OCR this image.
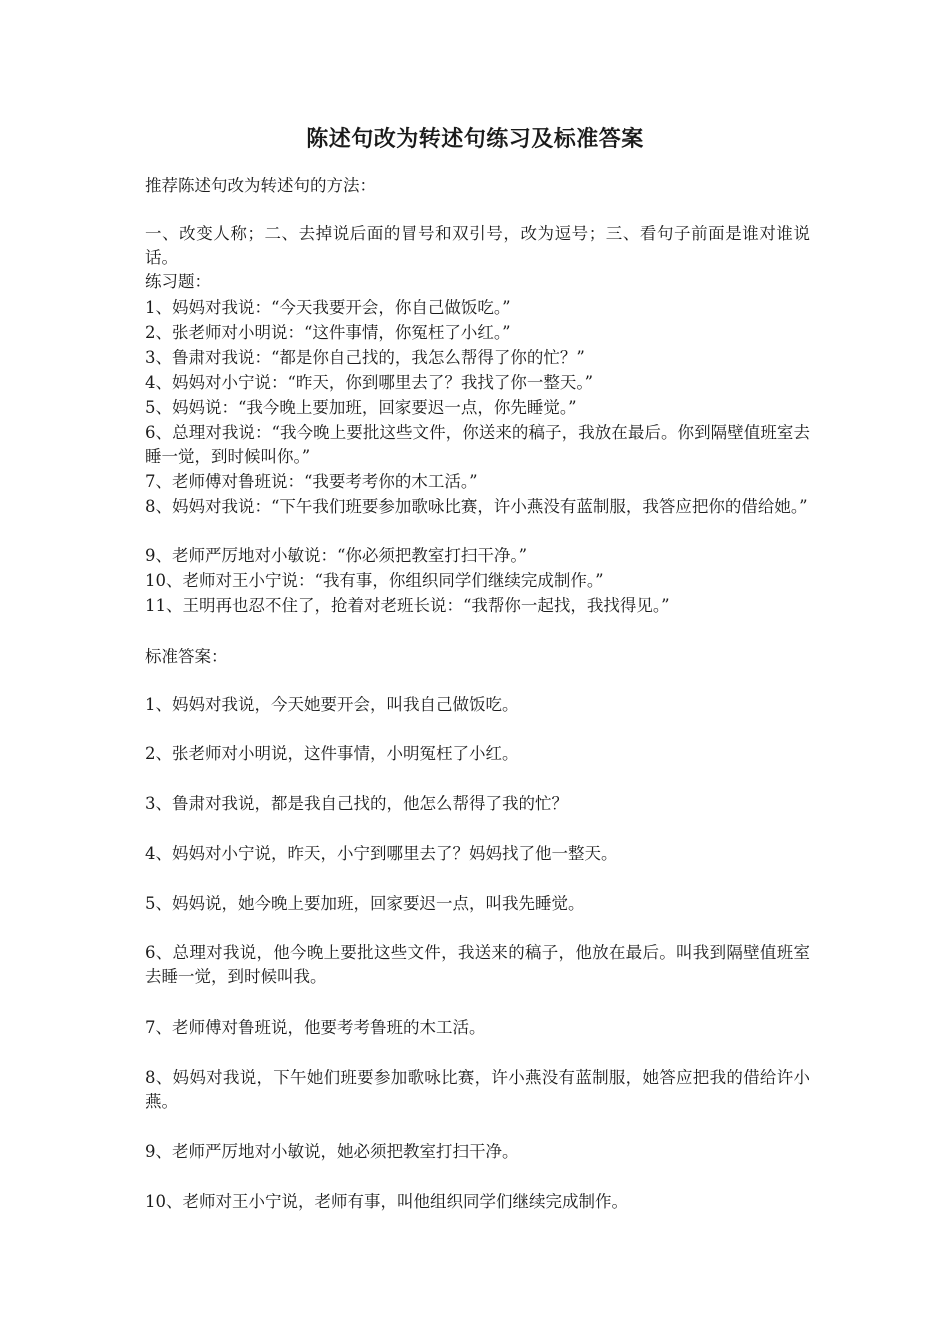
陈述句改为转述句练习及标准答案
推荐陈述句改为转述句的方法：
一、改变人称；二、去掉说后面的冒号和双引号，改为逗号；三、看句子前面是谁对谁说话。
练习题：
1、妈妈对我说：“今天我要开会，你自己做饭吃。”
2、张老师对小明说：“这件事情，你冤枉了小红。”
3、鲁肃对我说：“都是你自己找的，我怎么帮得了你的忙？”
4、妈妈对小宁说：“昨天，你到哪里去了？我找了你一整天。”
5、妈妈说：“我今晚上要加班，回家要迟一点，你先睡觉。”
6、总理对我说：“我今晚上要批这些文件，你送来的稿子，我放在最后。你到隔壁值班室去睡一觉，到时候叫你。”
7、老师傅对鲁班说：“我要考考你的木工活。”
8、妈妈对我说：“下午我们班要参加歌咏比赛，许小燕没有蓝制服，我答应把你的借给她。”
9、老师严厉地对小敏说：“你必须把教室打扫干净。”
10、老师对王小宁说：“我有事，你组织同学们继续完成制作。”
11、王明再也忍不住了，抢着对老班长说：“我帮你一起找，我找得见。”
标准答案：
1、妈妈对我说，今天她要开会，叫我自己做饭吃。
2、张老师对小明说，这件事情，小明冤枉了小红。
3、鲁肃对我说，都是我自己找的，他怎么帮得了我的忙？
4、妈妈对小宁说，昨天，小宁到哪里去了？妈妈找了他一整天。
5、妈妈说，她今晚上要加班，回家要迟一点，叫我先睡觉。
6、总理对我说，他今晚上要批这些文件，我送来的稿子，他放在最后。叫我到隔壁值班室去睡一觉，到时候叫我。
7、老师傅对鲁班说，他要考考鲁班的木工活。
8、妈妈对我说，下午她们班要参加歌咏比赛，许小燕没有蓝制服，她答应把我的借给许小燕。
9、老师严厉地对小敏说，她必须把教室打扫干净。
10、老师对王小宁说，老师有事，叫他组织同学们继续完成制作。
